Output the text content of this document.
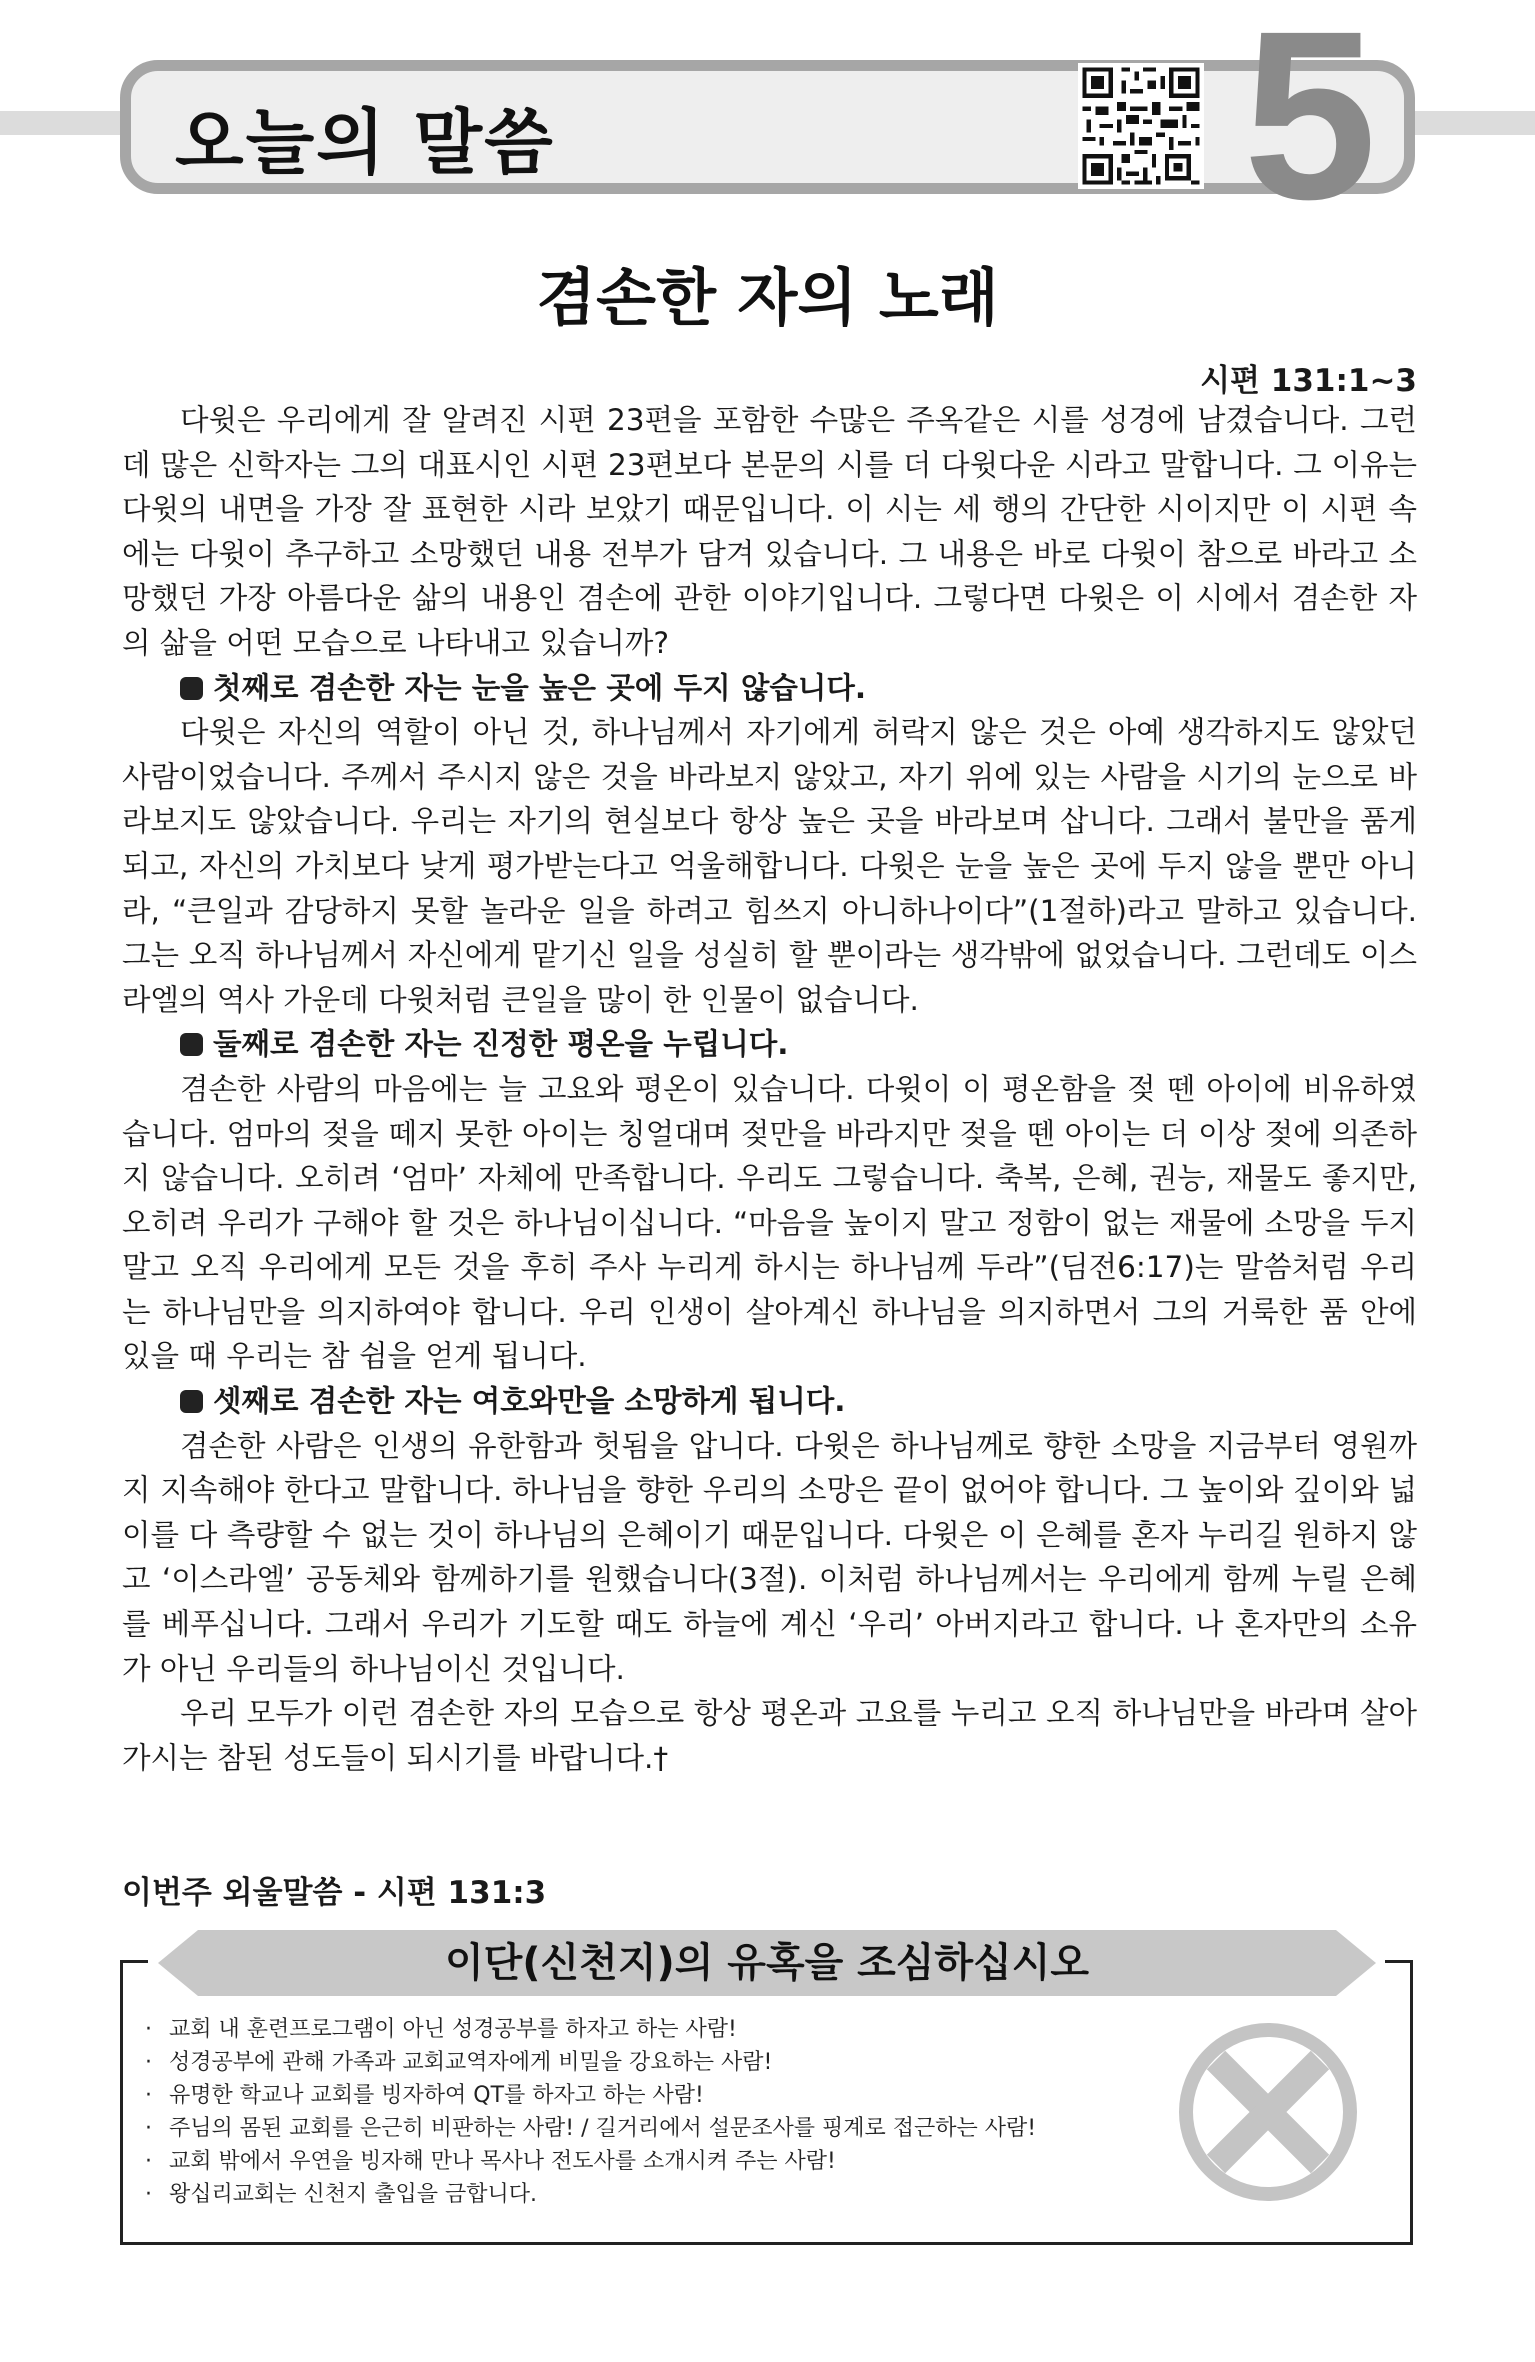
오늘의 말씀	5
겸손한 자의 노래
시편 131:1~3

다윗은 우리에게 잘 알려진 시편 23편을 포함한 수많은 주옥같은 시를 성경에 남겼습니다. 그런데 많은 신학자는 그의 대표시인 시편 23편보다 본문의 시를 더 다윗다운 시라고 말합니다. 그 이유는 다윗의 내면을 가장 잘 표현한 시라 보았기 때문입니다. 이 시는 세 행의 간단한 시이지만 이 시편 속에는 다윗이 추구하고 소망했던 내용 전부가 담겨 있습니다. 그 내용은 바로 다윗이 참으로 바라고 소망했던 가장 아름다운 삶의 내용인 겸손에 관한 이야기입니다. 그렇다면 다윗은 이 시에서 겸손한 자의 삶을 어떤 모습으로 나타내고 있습니까?

첫째로 겸손한 자는 눈을 높은 곳에 두지 않습니다.

다윗은 자신의 역할이 아닌 것, 하나님께서 자기에게 허락지 않은 것은 아예 생각하지도 않았던 사람이었습니다. 주께서 주시지 않은 것을 바라보지 않았고, 자기 위에 있는 사람을 시기의 눈으로 바라보지도 않았습니다. 우리는 자기의 현실보다 항상 높은 곳을 바라보며 삽니다. 그래서 불만을 품게 되고, 자신의 가치보다 낮게 평가받는다고 억울해합니다. 다윗은 눈을 높은 곳에 두지 않을 뿐만 아니라, “큰일과 감당하지 못할 놀라운 일을 하려고 힘쓰지 아니하나이다”(1절하)라고 말하고 있습니다. 그는 오직 하나님께서 자신에게 맡기신 일을 성실히 할 뿐이라는 생각밖에 없었습니다. 그런데도 이스라엘의 역사 가운데 다윗처럼 큰일을 많이 한 인물이 없습니다.

둘째로 겸손한 자는 진정한 평온을 누립니다.

겸손한 사람의 마음에는 늘 고요와 평온이 있습니다. 다윗이 이 평온함을 젖 뗀 아이에 비유하였습니다. 엄마의 젖을 떼지 못한 아이는 칭얼대며 젖만을 바라지만 젖을 뗀 아이는 더 이상 젖에 의존하지 않습니다. 오히려 ‘엄마’ 자체에 만족합니다. 우리도 그렇습니다. 축복, 은혜, 권능, 재물도 좋지만, 오히려 우리가 구해야 할 것은 하나님이십니다. “마음을 높이지 말고 정함이 없는 재물에 소망을 두지 말고 오직 우리에게 모든 것을 후히 주사 누리게 하시는 하나님께 두라”(딤전6:17)는 말씀처럼 우리는 하나님만을 의지하여야 합니다. 우리 인생이 살아계신 하나님을 의지하면서 그의 거룩한 품 안에 있을 때 우리는 참 쉼을 얻게 됩니다.

셋째로 겸손한 자는 여호와만을 소망하게 됩니다.

겸손한 사람은 인생의 유한함과 헛됨을 압니다. 다윗은 하나님께로 향한 소망을 지금부터 영원까지 지속해야 한다고 말합니다. 하나님을 향한 우리의 소망은 끝이 없어야 합니다. 그 높이와 깊이와 넓이를 다 측량할 수 없는 것이 하나님의 은혜이기 때문입니다. 다윗은 이 은혜를 혼자 누리길 원하지 않고 ‘이스라엘’ 공동체와 함께하기를 원했습니다(3절). 이처럼 하나님께서는 우리에게 함께 누릴 은혜를 베푸십니다. 그래서 우리가 기도할 때도 하늘에 계신 ‘우리’ 아버지라고 합니다. 나 혼자만의 소유가 아닌 우리들의 하나님이신 것입니다.

우리 모두가 이런 겸손한 자의 모습으로 항상 평온과 고요를 누리고 오직 하나님만을 바라며 살아가시는 참된 성도들이 되시기를 바랍니다.†

이번주 외울말씀 - 시편 131:3
이단(신천지)의 유혹을 조심하십시오
· 교회 내 훈련프로그램이 아닌 성경공부를 하자고 하는 사람!
· 성경공부에 관해 가족과 교회교역자에게 비밀을 강요하는 사람!
· 유명한 학교나 교회를 빙자하여 QT를 하자고 하는 사람!
· 주님의 몸된 교회를 은근히 비판하는 사람! / 길거리에서 설문조사를 핑계로 접근하는 사람!
· 교회 밖에서 우연을 빙자해 만나 목사나 전도사를 소개시켜 주는 사람!
· 왕십리교회는 신천지 출입을 금합니다.
